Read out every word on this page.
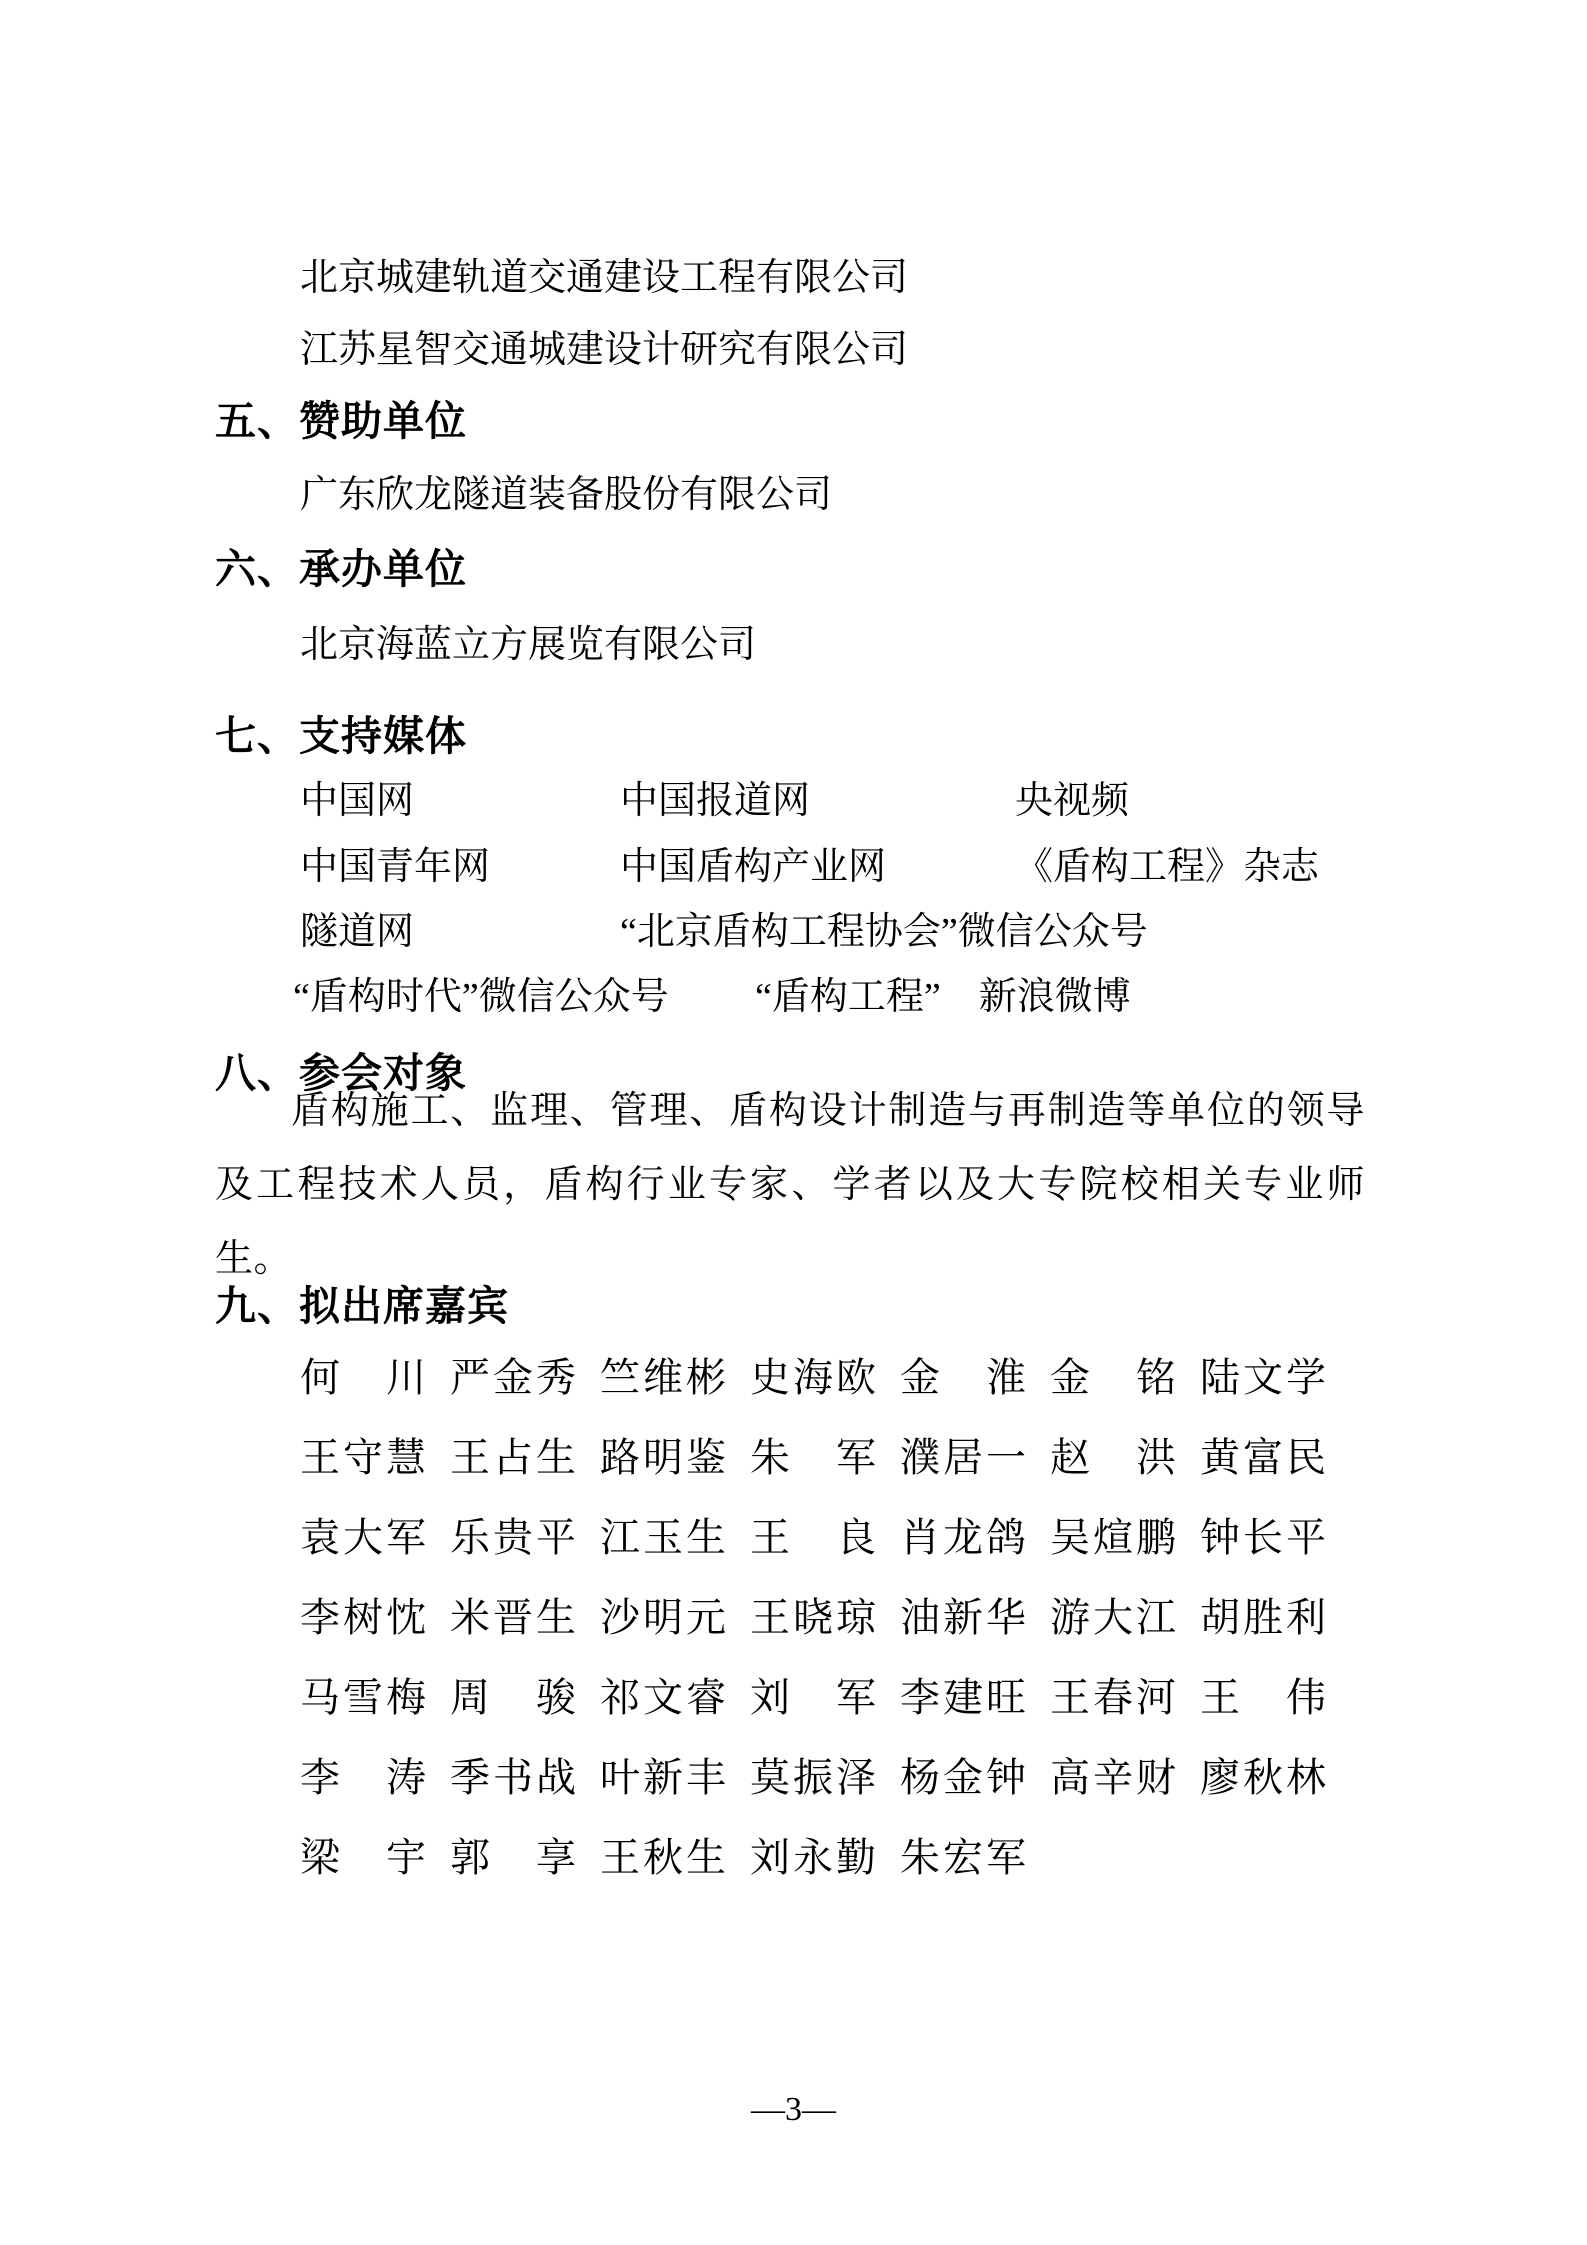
北京城建轨道交通建设工程有限公司
江苏星智交通城建设计研究有限公司
五、赞助单位
广东欣龙隧道装备股份有限公司
六、承办单位
北京海蓝立方展览有限公司
七、支持媒体
中国网	中国报道网	央视频
中国青年网	中国盾构产业网	《盾构工程》杂志
隧道网	“北京盾构工程协会”微信公众号
“盾构时代”微信公众号	“盾构工程”　新浪微博
八、参会对象

盾构施工、监理、管理、盾构设计制造与再制造等单位的领导及工程技术人员，盾构行业专家、学者以及大专院校相关专业师生。

九、拟出席嘉宾
何　川 严金秀 竺维彬 史海欧 金　淮 金　铭 陆文学
王守慧 王占生 路明鉴 朱　军 濮居一 赵　洪 黄富民
袁大军 乐贵平 江玉生 王　良 肖龙鸽 吴煊鹏 钟长平
李树忱 米晋生 沙明元 王晓琼 油新华 游大江 胡胜利
马雪梅 周　骏 祁文睿 刘　军 李建旺 王春河 王　伟
李　涛 季书战 叶新丰 莫振泽 杨金钟 高辛财 廖秋林
梁　宇 郭　享 王秋生 刘永勤 朱宏军
—3—
